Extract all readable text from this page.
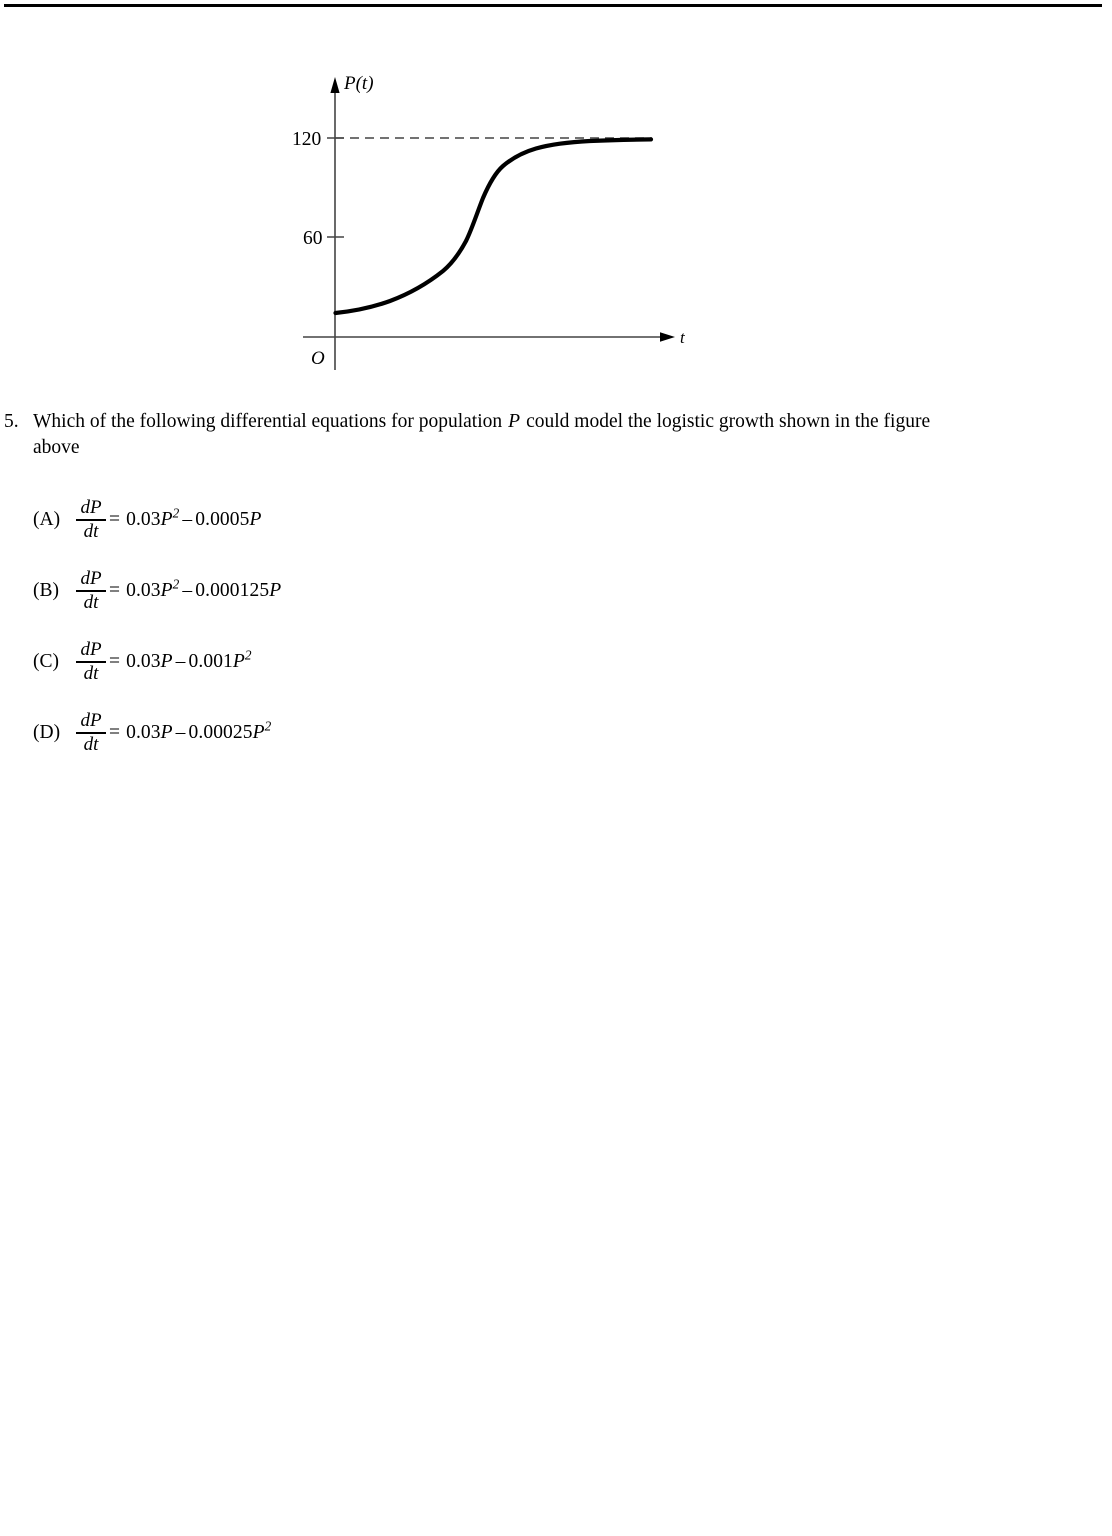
120
60
P(t)
t
O
5. Which of the following differential equations for population P could model the logistic growth shown in the figure above
$(A) \frac{dP}{dt} = 0.03P^2 - 0.0005P$
$(B) \frac{dP}{dt} = 0.03P^2 - 0.000125P$
$(C) \frac{dP}{dt} = 0.03P - 0.001P^2$
$(D) \frac{dP}{dt} = 0.03P - 0.00025P^2$
